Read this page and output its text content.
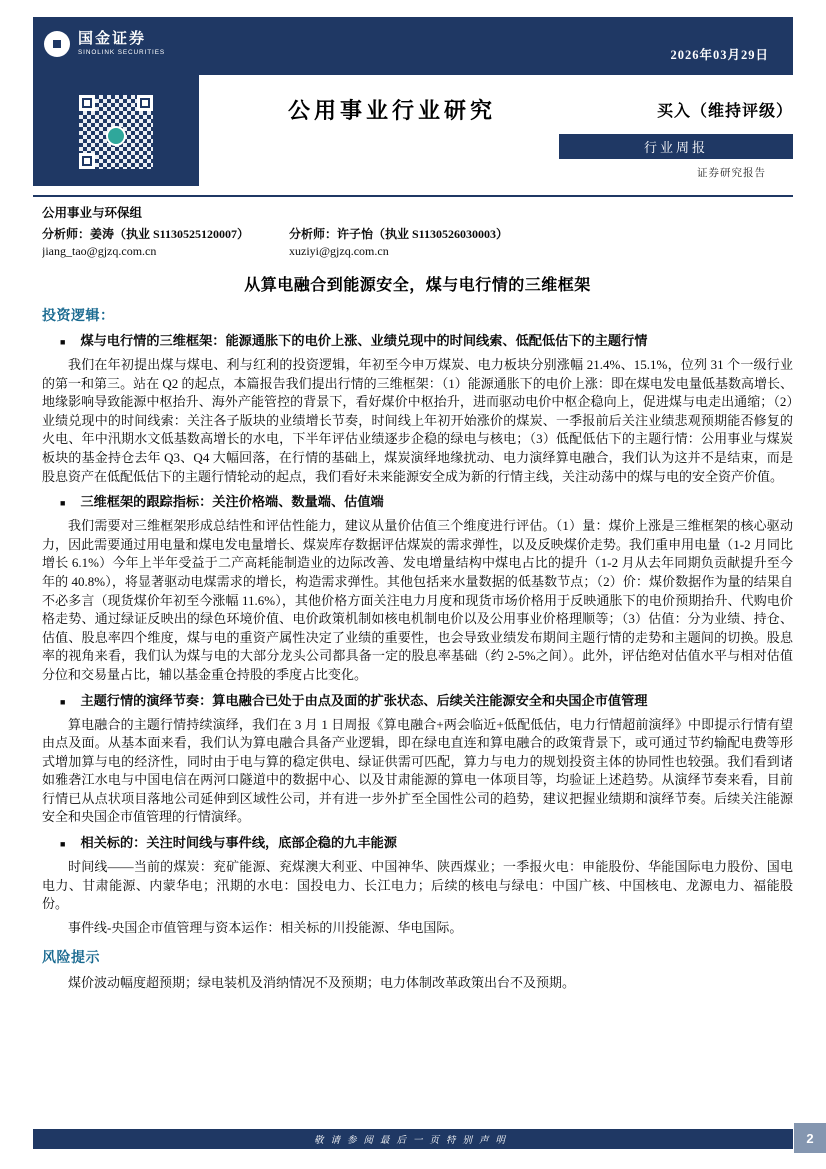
国金证券
SINOLINK SECURITIES	2026年03月29日
公用事业行业研究	买入（维持评级）
行业周报
证券研究报告
公用事业与环保组
分析师：姜涛（执业 S1130525120007）
jiang_tao@gjzq.com.cn
分析师：许子怡（执业 S1130526030003）
xuziyi@gjzq.com.cn
从算电融合到能源安全，煤与电行情的三维框架
投资逻辑：
■ 煤与电行情的三维框架：能源通胀下的电价上涨、业绩兑现中的时间线索、低配低估下的主题行情

我们在年初提出煤与煤电、利与红利的投资逻辑，年初至今申万煤炭、电力板块分别涨幅 21.4%、15.1%，位列 31 个一级行业的第一和第三。站在 Q2 的起点，本篇报告我们提出行情的三维框架：（1）能源通胀下的电价上涨：即在煤电发电量低基数高增长、地缘影响导致能源中枢抬升、海外产能管控的背景下，看好煤价中枢抬升，进而驱动电价中枢企稳向上，促进煤与电走出通缩；（2）业绩兑现中的时间线索：关注各子版块的业绩增长节奏，时间线上年初开始涨价的煤炭、一季报前后关注业绩悲观预期能否修复的火电、年中汛期水文低基数高增长的水电，下半年评估业绩逐步企稳的绿电与核电；（3）低配低估下的主题行情：公用事业与煤炭板块的基金持仓去年 Q3、Q4 大幅回落，在行情的基础上，煤炭演绎地缘扰动、电力演绎算电融合，我们认为这并不是结束，而是股息资产在低配低估下的主题行情轮动的起点，我们看好未来能源安全成为新的行情主线，关注动荡中的煤与电的安全资产价值。

■ 三维框架的跟踪指标：关注价格端、数量端、估值端

我们需要对三维框架形成总结性和评估性能力，建议从量价估值三个维度进行评估。（1）量：煤价上涨是三维框架的核心驱动力，因此需要通过用电量和煤电发电量增长、煤炭库存数据评估煤炭的需求弹性，以及反映煤价走势。我们重申用电量（1-2 月同比增长 6.1%）今年上半年受益于二产高耗能制造业的边际改善、发电增量结构中煤电占比的提升（1-2 月从去年同期负贡献提升至今年的 40.8%），将显著驱动电煤需求的增长，构造需求弹性。其他包括来水量数据的低基数节点；（2）价：煤价数据作为量的结果自不必多言（现货煤价年初至今涨幅 11.6%），其他价格方面关注电力月度和现货市场价格用于反映通胀下的电价预期抬升、代购电价格走势、通过绿证反映出的绿色环境价值、电价政策机制如核电机制电价以及公用事业价格理顺等；（3）估值：分为业绩、持仓、估值、股息率四个维度，煤与电的重资产属性决定了业绩的重要性，也会导致业绩发布期间主题行情的走势和主题间的切换。股息率的视角来看，我们认为煤与电的大部分龙头公司都具备一定的股息率基础（约 2-5%之间）。此外，评估绝对估值水平与相对估值分位和交易量占比，辅以基金重仓持股的季度占比变化。

■ 主题行情的演绎节奏：算电融合已处于由点及面的扩张状态、后续关注能源安全和央国企市值管理

算电融合的主题行情持续演绎，我们在 3 月 1 日周报《算电融合+两会临近+低配低估，电力行情超前演绎》中即提示行情有望由点及面。从基本面来看，我们认为算电融合具备产业逻辑，即在绿电直连和算电融合的政策背景下，或可通过节约输配电费等形式增加算与电的经济性，同时由于电与算的稳定供电、绿证供需可匹配，算力与电力的规划投资主体的协同性也较强。我们看到诸如雅砻江水电与中国电信在两河口隧道中的数据中心、以及甘肃能源的算电一体项目等，均验证上述趋势。从演绎节奏来看，目前行情已从点状项目落地公司延伸到区域性公司，并有进一步外扩至全国性公司的趋势，建议把握业绩期和演绎节奏。后续关注能源安全和央国企市值管理的行情演绎。

■ 相关标的：关注时间线与事件线，底部企稳的九丰能源

时间线——当前的煤炭：兖矿能源、兖煤澳大利亚、中国神华、陕西煤业；一季报火电：申能股份、华能国际电力股份、国电电力、甘肃能源、内蒙华电；汛期的水电：国投电力、长江电力；后续的核电与绿电：中国广核、中国核电、龙源电力、福能股份。

事件线-央国企市值管理与资本运作：相关标的川投能源、华电国际。

风险提示

煤价波动幅度超预期；绿电装机及消纳情况不及预期；电力体制改革政策出台不及预期。

敬请参阅最后一页特别声明	2
